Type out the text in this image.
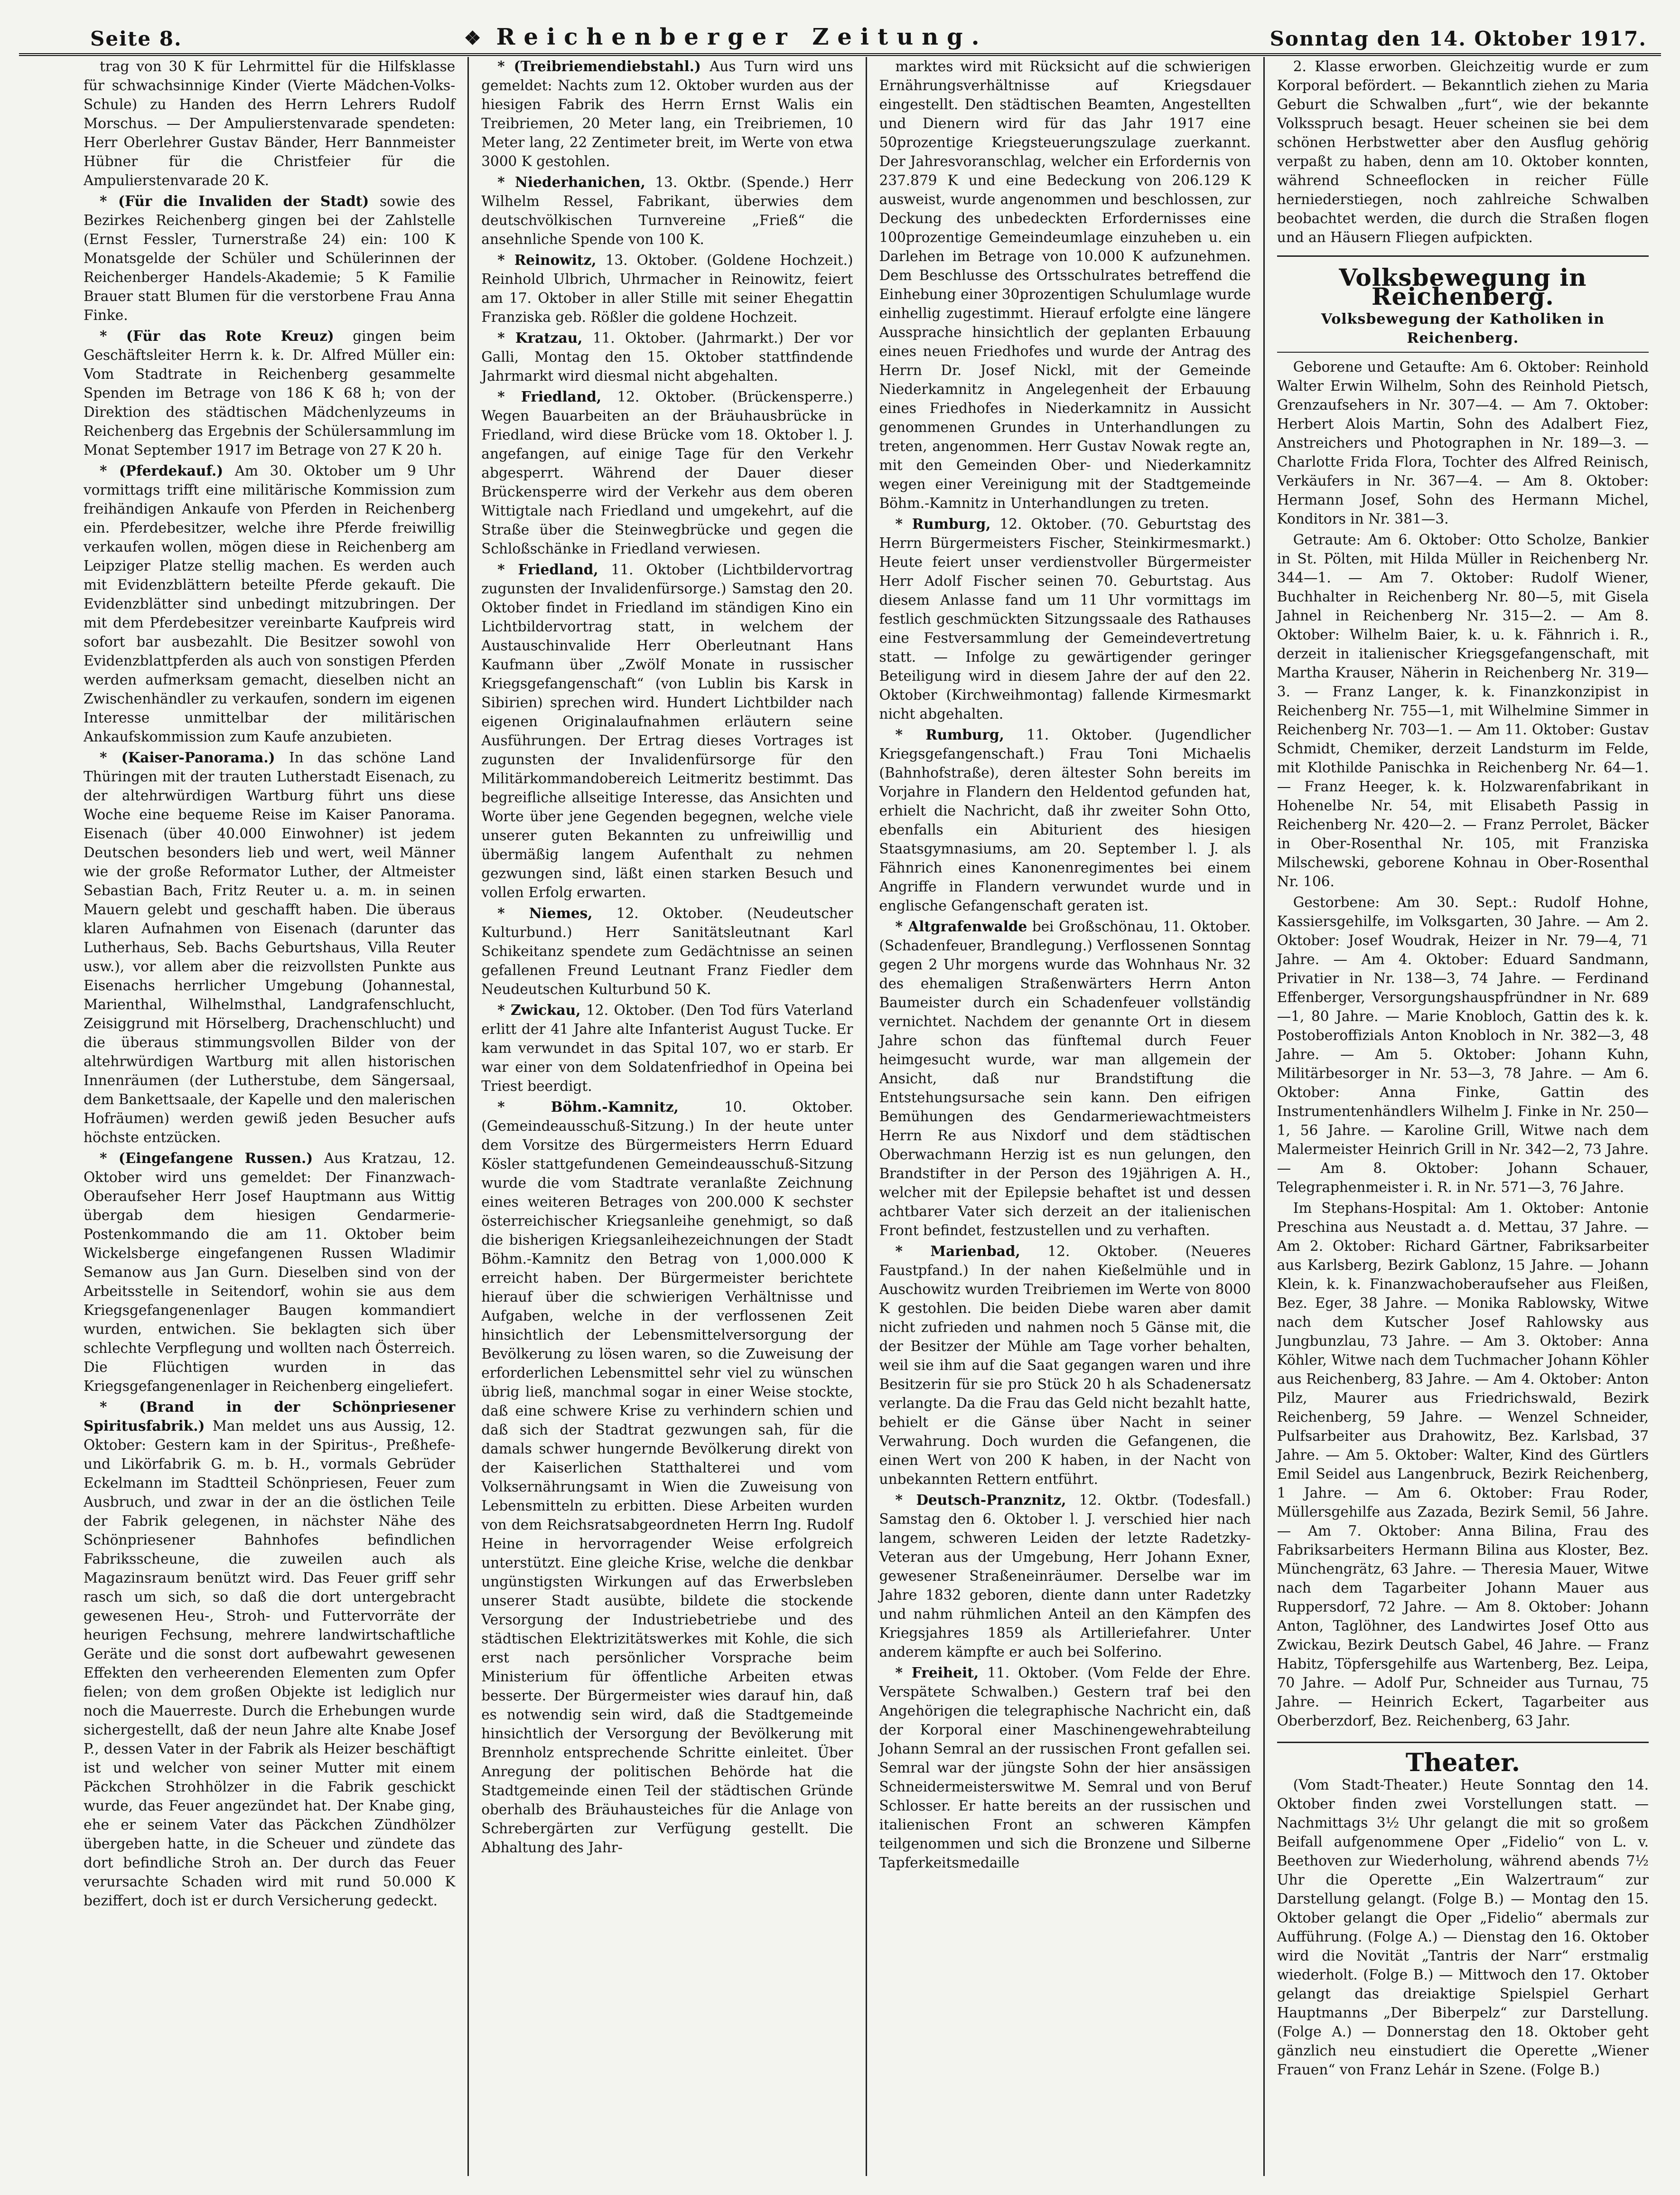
Seite 8.	❖ Reichenberger Zeitung.	Sonntag den 14. Oktober 1917.

trag von 30 K für Lehrmittel für die Hilfsklasse für schwachsinnige Kinder (Vierte Mädchen-Volks-Schule) zu Handen des Herrn Lehrers Rudolf Morschus. — Der Ampulierstenvarade spendeten: Herr Oberlehrer Gustav Bänder, Herr Bannmeister Hübner für die Christfeier für die Ampulierstenvarade 20 K.

* (Für die Invaliden der Stadt) sowie des Bezirkes Reichenberg gingen bei der Zahlstelle (Ernst Fessler, Turnerstraße 24) ein: 100 K Monatsgelde der Schüler und Schülerinnen der Reichenberger Handels-Akademie; 5 K Familie Brauer statt Blumen für die verstorbene Frau Anna Finke.

* (Für das Rote Kreuz) gingen beim Geschäftsleiter Herrn k. k. Dr. Alfred Müller ein: Vom Stadtrate in Reichenberg gesammelte Spenden im Betrage von 186 K 68 h; von der Direktion des städtischen Mädchenlyzeums in Reichenberg das Ergebnis der Schülersammlung im Monat September 1917 im Betrage von 27 K 20 h.

* (Pferdekauf.) Am 30. Oktober um 9 Uhr vormittags trifft eine militärische Kommission zum freihändigen Ankaufe von Pferden in Reichenberg ein. Pferdebesitzer, welche ihre Pferde freiwillig verkaufen wollen, mögen diese in Reichenberg am Leipziger Platze stellig machen. Es werden auch mit Evidenzblättern beteilte Pferde gekauft. Die Evidenzblätter sind unbedingt mitzubringen. Der mit dem Pferdebesitzer vereinbarte Kaufpreis wird sofort bar ausbezahlt. Die Besitzer sowohl von Evidenzblattpferden als auch von sonstigen Pferden werden aufmerksam gemacht, dieselben nicht an Zwischenhändler zu verkaufen, sondern im eigenen Interesse unmittelbar der militärischen Ankaufskommission zum Kaufe anzubieten.

* (Kaiser-Panorama.) In das schöne Land Thüringen mit der trauten Lutherstadt Eisenach, zu der altehrwürdigen Wartburg führt uns diese Woche eine bequeme Reise im Kaiser Panorama. Eisenach (über 40.000 Einwohner) ist jedem Deutschen besonders lieb und wert, weil Männer wie der große Reformator Luther, der Altmeister Sebastian Bach, Fritz Reuter u. a. m. in seinen Mauern gelebt und geschafft haben. Die überaus klaren Aufnahmen von Eisenach (darunter das Lutherhaus, Seb. Bachs Geburtshaus, Villa Reuter usw.), vor allem aber die reizvollsten Punkte aus Eisenachs herrlicher Umgebung (Johannestal, Marienthal, Wilhelmsthal, Landgrafenschlucht, Zeisiggrund mit Hörselberg, Drachenschlucht) und die überaus stimmungsvollen Bilder von der altehrwürdigen Wartburg mit allen historischen Innenräumen (der Lutherstube, dem Sängersaal, dem Bankettsaale, der Kapelle und den malerischen Hofräumen) werden gewiß jeden Besucher aufs höchste entzücken.

* (Eingefangene Russen.) Aus Kratzau, 12. Oktober wird uns gemeldet: Der Finanzwach-Oberaufseher Herr Josef Hauptmann aus Wittig übergab dem hiesigen Gendarmerie-Postenkommando die am 11. Oktober beim Wickelsberge eingefangenen Russen Wladimir Semanow aus Jan Gurn. Dieselben sind von der Arbeitsstelle in Seitendorf, wohin sie aus dem Kriegsgefangenenlager Baugen kommandiert wurden, entwichen. Sie beklagten sich über schlechte Verpflegung und wollten nach Österreich. Die Flüchtigen wurden in das Kriegsgefangenenlager in Reichenberg eingeliefert.

* (Brand in der Schönpriesener Spiritusfabrik.) Man meldet uns aus Aussig, 12. Oktober: Gestern kam in der Spiritus-, Preßhefe- und Likörfabrik G. m. b. H., vormals Gebrüder Eckelmann im Stadtteil Schönpriesen, Feuer zum Ausbruch, und zwar in der an die östlichen Teile der Fabrik gelegenen, in nächster Nähe des Schönpriesener Bahnhofes befindlichen Fabriksscheune, die zuweilen auch als Magazinsraum benützt wird. Das Feuer griff sehr rasch um sich, so daß die dort untergebracht gewesenen Heu-, Stroh- und Futtervorräte der heurigen Fechsung, mehrere landwirtschaftliche Geräte und die sonst dort aufbewahrt gewesenen Effekten den verheerenden Elementen zum Opfer fielen; von dem großen Objekte ist lediglich nur noch die Mauerreste. Durch die Erhebungen wurde sichergestellt, daß der neun Jahre alte Knabe Josef P., dessen Vater in der Fabrik als Heizer beschäftigt ist und welcher von seiner Mutter mit einem Päckchen Strohhölzer in die Fabrik geschickt wurde, das Feuer angezündet hat. Der Knabe ging, ehe er seinem Vater das Päckchen Zündhölzer übergeben hatte, in die Scheuer und zündete das dort befindliche Stroh an. Der durch das Feuer verursachte Schaden wird mit rund 50.000 K beziffert, doch ist er durch Versicherung gedeckt.

* (Treibriemendiebstahl.) Aus Turn wird uns gemeldet: Nachts zum 12. Oktober wurden aus der hiesigen Fabrik des Herrn Ernst Walis ein Treibriemen, 20 Meter lang, ein Treibriemen, 10 Meter lang, 22 Zentimeter breit, im Werte von etwa 3000 K gestohlen.

* Niederhanichen, 13. Oktbr. (Spende.) Herr Wilhelm Ressel, Fabrikant, überwies dem deutschvölkischen Turnvereine „Frieß“ die ansehnliche Spende von 100 K.

* Reinowitz, 13. Oktober. (Goldene Hochzeit.) Reinhold Ulbrich, Uhrmacher in Reinowitz, feiert am 17. Oktober in aller Stille mit seiner Ehegattin Franziska geb. Rößler die goldene Hochzeit.

* Kratzau, 11. Oktober. (Jahrmarkt.) Der vor Galli, Montag den 15. Oktober stattfindende Jahrmarkt wird diesmal nicht abgehalten.

* Friedland, 12. Oktober. (Brückensperre.) Wegen Bauarbeiten an der Bräuhausbrücke in Friedland, wird diese Brücke vom 18. Oktober l. J. angefangen, auf einige Tage für den Verkehr abgesperrt. Während der Dauer dieser Brückensperre wird der Verkehr aus dem oberen Wittigtale nach Friedland und umgekehrt, auf die Straße über die Steinwegbrücke und gegen die Schloßschänke in Friedland verwiesen.

* Friedland, 11. Oktober (Lichtbildervortrag zugunsten der Invalidenfürsorge.) Samstag den 20. Oktober findet in Friedland im ständigen Kino ein Lichtbildervortrag statt, in welchem der Austauschinvalide Herr Oberleutnant Hans Kaufmann über „Zwölf Monate in russischer Kriegsgefangenschaft“ (von Lublin bis Karsk in Sibirien) sprechen wird. Hundert Lichtbilder nach eigenen Originalaufnahmen erläutern seine Ausführungen. Der Ertrag dieses Vortrages ist zugunsten der Invalidenfürsorge für den Militärkommandobereich Leitmeritz bestimmt. Das begreifliche allseitige Interesse, das Ansichten und Worte über jene Gegenden begegnen, welche viele unserer guten Bekannten zu unfreiwillig und übermäßig langem Aufenthalt zu nehmen gezwungen sind, läßt einen starken Besuch und vollen Erfolg erwarten.

* Niemes, 12. Oktober. (Neudeutscher Kulturbund.) Herr Sanitätsleutnant Karl Schikeitanz spendete zum Gedächtnisse an seinen gefallenen Freund Leutnant Franz Fiedler dem Neudeutschen Kulturbund 50 K.

* Zwickau, 12. Oktober. (Den Tod fürs Vaterland erlitt der 41 Jahre alte Infanterist August Tucke. Er kam verwundet in das Spital 107, wo er starb. Er war einer von dem Soldatenfriedhof in Opeina bei Triest beerdigt.

* Böhm.-Kamnitz,	10. Oktober. (Gemeindeausschuß-Sitzung.) In der heute unter dem Vorsitze des Bürgermeisters Herrn Eduard Kösler stattgefundenen Gemeindeausschuß-Sitzung wurde die vom Stadtrate veranlaßte Zeichnung eines weiteren Betrages von 200.000 K sechster österreichischer Kriegsanleihe genehmigt, so daß die bisherigen Kriegsanleihezeichnungen der Stadt Böhm.-Kamnitz den Betrag von 1,000.000 K erreicht haben. Der Bürgermeister berichtete hierauf über die schwierigen Verhältnisse und Aufgaben, welche in der verflossenen Zeit hinsichtlich der Lebensmittelversorgung der Bevölkerung zu lösen waren, so die Zuweisung der erforderlichen Lebensmittel sehr viel zu wünschen übrig ließ, manchmal sogar in einer Weise stockte, daß eine schwere Krise zu verhindern schien und daß sich der Stadtrat gezwungen sah, für die damals schwer hungernde Bevölkerung direkt von der Kaiserlichen Statthalterei und vom Volksernährungsamt in Wien die Zuweisung von Lebensmitteln zu erbitten. Diese Arbeiten wurden von dem Reichsratsabgeordneten Herrn Ing. Rudolf Heine in hervorragender Weise erfolgreich unterstützt. Eine gleiche Krise, welche die denkbar ungünstigsten Wirkungen auf das Erwerbsleben unserer Stadt ausübte, bildete die stockende Versorgung der Industriebetriebe und des städtischen Elektrizitätswerkes mit Kohle, die sich erst nach persönlicher Vorsprache beim Ministerium für öffentliche Arbeiten etwas besserte. Der Bürgermeister wies darauf hin, daß es notwendig sein wird, daß die Stadtgemeinde hinsichtlich der Versorgung der Bevölkerung mit Brennholz entsprechende Schritte einleitet. Über Anregung der politischen Behörde hat die Stadtgemeinde einen Teil der städtischen Gründe oberhalb des Bräuhausteiches für die Anlage von Schrebergärten zur Verfügung gestellt. Die Abhaltung des Jahr-

marktes wird mit Rücksicht auf die schwierigen Ernährungsverhältnisse auf Kriegsdauer eingestellt. Den städtischen Beamten, Angestellten und Dienern wird für das Jahr 1917 eine 50prozentige Kriegsteuerungszulage zuerkannt. Der Jahresvoranschlag, welcher ein Erfordernis von 237.879 K und eine Bedeckung von 206.129 K ausweist, wurde angenommen und beschlossen, zur Deckung des unbedeckten Erfordernisses eine 100prozentige Gemeindeumlage einzuheben u. ein Darlehen im Betrage von 10.000 K aufzunehmen. Dem Beschlusse des Ortsschulrates betreffend die Einhebung einer 30prozentigen Schulumlage wurde einhellig zugestimmt. Hierauf erfolgte eine längere Aussprache hinsichtlich der geplanten Erbauung eines neuen Friedhofes und wurde der Antrag des Herrn Dr. Josef Nickl, mit der Gemeinde Niederkamnitz in Angelegenheit der Erbauung eines Friedhofes in Niederkamnitz in Aussicht genommenen Grundes in Unterhandlungen zu treten, angenommen. Herr Gustav Nowak regte an, mit den Gemeinden Ober- und Niederkamnitz wegen einer Vereinigung mit der Stadtgemeinde Böhm.-Kamnitz in Unterhandlungen zu treten.

* Rumburg, 12. Oktober. (70. Geburtstag des Herrn Bürgermeisters Fischer, Steinkirmesmarkt.) Heute feiert unser verdienstvoller Bürgermeister Herr Adolf Fischer seinen 70. Geburtstag. Aus diesem Anlasse fand um 11 Uhr vormittags im festlich geschmückten Sitzungssaale des Rathauses eine Festversammlung der Gemeindevertretung statt. — Infolge zu gewärtigender geringer Beteiligung wird in diesem Jahre der auf den 22. Oktober (Kirchweihmontag) fallende Kirmesmarkt nicht abgehalten.

* Rumburg, 11. Oktober. (Jugendlicher Kriegsgefangenschaft.) Frau Toni Michaelis (Bahnhofstraße), deren ältester Sohn bereits im Vorjahre in Flandern den Heldentod gefunden hat, erhielt die Nachricht, daß ihr zweiter Sohn Otto, ebenfalls ein Abiturient des hiesigen Staatsgymnasiums, am 20. September l. J. als Fähnrich eines Kanonenregimentes bei einem Angriffe in Flandern verwundet wurde und in englische Gefangenschaft geraten ist.

* Altgrafenwalde bei Großschönau, 11. Oktober. (Schadenfeuer, Brandlegung.) Verflossenen Sonntag gegen 2 Uhr morgens wurde das Wohnhaus Nr. 32 des ehemaligen Straßenwärters Herrn Anton Baumeister durch ein Schadenfeuer vollständig vernichtet. Nachdem der genannte Ort in diesem Jahre schon das fünftemal durch Feuer heimgesucht wurde, war man allgemein der Ansicht, daß nur Brandstiftung die Entstehungsursache sein kann. Den eifrigen Bemühungen des Gendarmeriewachtmeisters Herrn Re aus Nixdorf und dem städtischen Oberwachmann Herzig ist es nun gelungen, den Brandstifter in der Person des 19jährigen A. H., welcher mit der Epilepsie behaftet ist und dessen achtbarer Vater sich derzeit an der italienischen Front befindet, festzustellen und zu verhaften.

* Marienbad, 12. Oktober. (Neueres Faustpfand.) In der nahen Kießelmühle und in Auschowitz wurden Treibriemen im Werte von 8000 K gestohlen. Die beiden Diebe waren aber damit nicht zufrieden und nahmen noch 5 Gänse mit, die der Besitzer der Mühle am Tage vorher behalten, weil sie ihm auf die Saat gegangen waren und ihre Besitzerin für sie pro Stück 20 h als Schadenersatz verlangte. Da die Frau das Geld nicht bezahlt hatte, behielt er die Gänse über Nacht in seiner Verwahrung. Doch wurden die Gefangenen, die einen Wert von 200 K haben, in der Nacht von unbekannten Rettern entführt.

* Deutsch-Pranznitz, 12. Oktbr. (Todesfall.) Samstag den 6. Oktober l. J. verschied hier nach langem, schweren Leiden der letzte Radetzky-Veteran aus der Umgebung, Herr Johann Exner, gewesener Straßeneinräumer. Derselbe war im Jahre 1832 geboren, diente dann unter Radetzky und nahm rühmlichen Anteil an den Kämpfen des Kriegsjahres 1859 als Artilleriefahrer. Unter anderem kämpfte er auch bei Solferino.

* Freiheit, 11. Oktober. (Vom Felde der Ehre. Verspätete Schwalben.) Gestern traf bei den Angehörigen die telegraphische Nachricht ein, daß der Korporal einer Maschinengewehrabteilung Johann Semral an der russischen Front gefallen sei. Semral war der jüngste Sohn der hier ansässigen Schneidermeisterswitwe M. Semral und von Beruf Schlosser. Er hatte bereits an der russischen und italienischen Front an schweren Kämpfen teilgenommen und sich die Bronzene und Silberne Tapferkeitsmedaille

2. Klasse erworben. Gleichzeitig wurde er zum Korporal befördert. — Bekanntlich ziehen zu Maria Geburt die Schwalben „furt“, wie der bekannte Volksspruch besagt. Heuer scheinen sie bei dem schönen Herbstwetter aber den Ausflug gehörig verpaßt zu haben, denn am 10. Oktober konnten, während Schneeflocken in reicher Fülle herniederstiegen, noch zahlreiche Schwalben beobachtet werden, die durch die Straßen flogen und an Häusern Fliegen aufpickten.

Volksbewegung in Reichenberg.
Volksbewegung der Katholiken in Reichenberg.

Geborene und Getaufte: Am 6. Oktober: Reinhold Walter Erwin Wilhelm, Sohn des Reinhold Pietsch, Grenzaufsehers in Nr. 307—4. — Am 7. Oktober: Herbert Alois Martin, Sohn des Adalbert Fiez, Anstreichers und Photographen in Nr. 189—3. — Charlotte Frida Flora, Tochter des Alfred Reinisch, Verkäufers in Nr. 367—4. — Am 8. Oktober: Hermann Josef, Sohn des Hermann Michel, Konditors in Nr. 381—3.

Getraute: Am 6. Oktober: Otto Scholze, Bankier in St. Pölten, mit Hilda Müller in Reichenberg Nr. 344—1. — Am 7. Oktober: Rudolf Wiener, Buchhalter in Reichenberg Nr. 80—5, mit Gisela Jahnel in Reichenberg Nr. 315—2. — Am 8. Oktober: Wilhelm Baier, k. u. k. Fähnrich i. R., derzeit in italienischer Kriegsgefangenschaft, mit Martha Krauser, Näherin in Reichenberg Nr. 319—3. — Franz Langer, k. k. Finanzkonzipist in Reichenberg Nr. 755—1, mit Wilhelmine Simmer in Reichenberg Nr. 703—1. — Am 11. Oktober: Gustav Schmidt, Chemiker, derzeit Landsturm im Felde, mit Klothilde Panischka in Reichenberg Nr. 64—1. — Franz Heeger, k. k. Holzwarenfabrikant in Hohenelbe Nr. 54, mit Elisabeth Passig in Reichenberg Nr. 420—2. — Franz Perrolet, Bäcker in Ober-Rosenthal Nr. 105, mit Franziska Milschewski, geborene Kohnau in Ober-Rosenthal Nr. 106.

Gestorbene: Am 30. Sept.: Rudolf Hohne, Kassiersgehilfe, im Volksgarten, 30 Jahre. — Am 2. Oktober: Josef Woudrak, Heizer in Nr. 79—4, 71 Jahre. — Am 4. Oktober: Eduard Sandmann, Privatier in Nr. 138—3, 74 Jahre. — Ferdinand Effenberger, Versorgungshauspfründner in Nr. 689—1, 80 Jahre. — Marie Knobloch, Gattin des k. k. Postoberoffizials Anton Knobloch in Nr. 382—3, 48 Jahre. — Am 5. Oktober: Johann Kuhn, Militärbesorger in Nr. 53—3, 78 Jahre. — Am 6. Oktober: Anna Finke, Gattin des Instrumentenhändlers Wilhelm J. Finke in Nr. 250—1, 56 Jahre. — Karoline Grill, Witwe nach dem Malermeister Heinrich Grill in Nr. 342—2, 73 Jahre. — Am 8. Oktober: Johann Schauer, Telegraphenmeister i. R. in Nr. 571—3, 76 Jahre.

Im Stephans-Hospital: Am 1. Oktober: Antonie Preschina aus Neustadt a. d. Mettau, 37 Jahre. — Am 2. Oktober: Richard Gärtner, Fabriksarbeiter aus Karlsberg, Bezirk Gablonz, 15 Jahre. — Johann Klein, k. k. Finanzwachoberaufseher aus Fleißen, Bez. Eger, 38 Jahre. — Monika Rablowsky, Witwe nach dem Kutscher Josef Rahlowsky aus Jungbunzlau, 73 Jahre. — Am 3. Oktober: Anna Köhler, Witwe nach dem Tuchmacher Johann Köhler aus Reichenberg, 83 Jahre. — Am 4. Oktober: Anton Pilz, Maurer aus Friedrichswald, Bezirk Reichenberg, 59 Jahre. — Wenzel Schneider, Pulfsarbeiter aus Drahowitz, Bez. Karlsbad, 37 Jahre. — Am 5. Oktober: Walter, Kind des Gürtlers Emil Seidel aus Langenbruck, Bezirk Reichenberg, 1 Jahre. — Am 6. Oktober: Frau Roder, Müllersgehilfe aus Zazada, Bezirk Semil, 56 Jahre. — Am 7. Oktober: Anna Bilina, Frau des Fabriksarbeiters Hermann Bilina aus Kloster, Bez. Münchengrätz, 63 Jahre. — Theresia Mauer, Witwe nach dem Tagarbeiter Johann Mauer aus Ruppersdorf, 72 Jahre. — Am 8. Oktober: Johann Anton, Taglöhner, des Landwirtes Josef Otto aus Zwickau, Bezirk Deutsch Gabel, 46 Jahre. — Franz Habitz, Töpfersgehilfe aus Wartenberg, Bez. Leipa, 70 Jahre. — Adolf Pur, Schneider aus Turnau, 75 Jahre. — Heinrich Eckert, Tagarbeiter aus Oberberzdorf, Bez. Reichenberg, 63 Jahr.

Theater.

(Vom Stadt-Theater.) Heute Sonntag den 14. Oktober finden zwei Vorstellungen statt. — Nachmittags 3½ Uhr gelangt die mit so großem Beifall aufgenommene Oper „Fidelio“ von L. v. Beethoven zur Wiederholung, während abends 7½ Uhr die Operette „Ein Walzertraum“ zur Darstellung gelangt. (Folge B.) — Montag den 15. Oktober gelangt die Oper „Fidelio“ abermals zur Aufführung. (Folge A.) — Dienstag den 16. Oktober wird die Novität „Tantris der Narr“ erstmalig wiederholt. (Folge B.) — Mittwoch den 17. Oktober gelangt das dreiaktige Spielspiel Gerhart Hauptmanns „Der Biberpelz“ zur Darstellung. (Folge A.) — Donnerstag den 18. Oktober geht gänzlich neu einstudiert die Operette „Wiener Frauen“ von Franz Lehár in Szene. (Folge B.)
